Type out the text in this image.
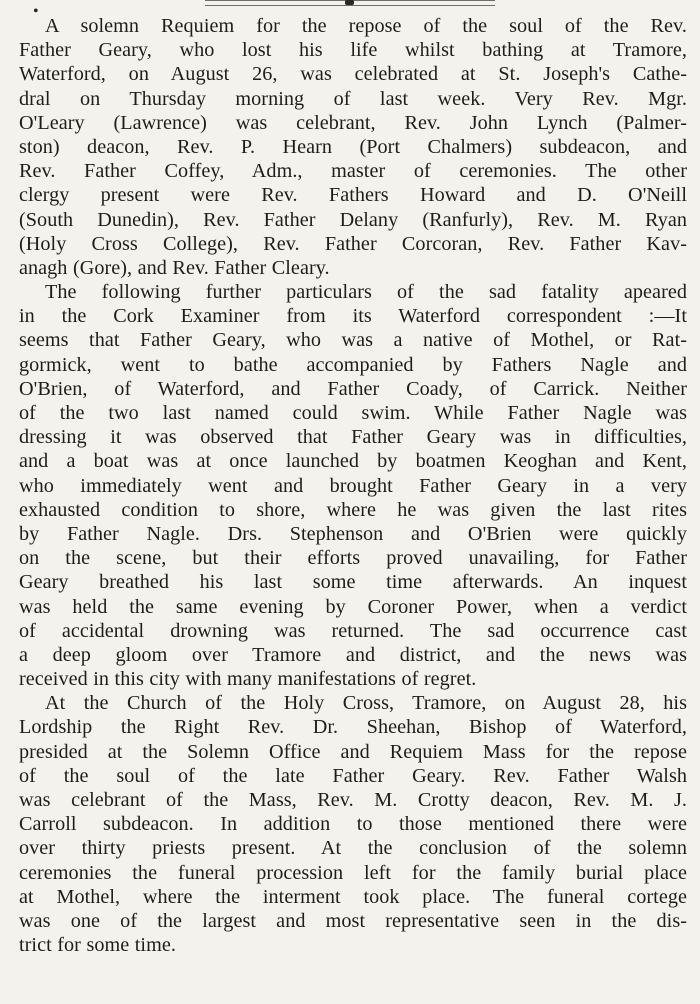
•
A solemn Requiem for the repose of the soul of the Rev.
Father Geary, who lost his life whilst bathing at Tramore,
Waterford, on August 26, was celebrated at St. Joseph's Cathe-
dral on Thursday morning of last week. Very Rev. Mgr.
O'Leary (Lawrence) was celebrant, Rev. John Lynch (Palmer-
ston) deacon, Rev. P. Hearn (Port Chalmers) subdeacon, and
Rev. Father Coffey, Adm., master of ceremonies. The other
clergy present were Rev. Fathers Howard and D. O'Neill
(South Dunedin), Rev. Father Delany (Ranfurly), Rev. M. Ryan
(Holy Cross College), Rev. Father Corcoran, Rev. Father Kav-
anagh (Gore), and Rev. Father Cleary.
The following further particulars of the sad fatality apeared
in the Cork Examiner from its Waterford correspondent :—It
seems that Father Geary, who was a native of Mothel, or Rat-
gormick, went to bathe accompanied by Fathers Nagle and
O'Brien, of Waterford, and Father Coady, of Carrick. Neither
of the two last named could swim. While Father Nagle was
dressing it was observed that Father Geary was in difficulties,
and a boat was at once launched by boatmen Keoghan and Kent,
who immediately went and brought Father Geary in a very
exhausted condition to shore, where he was given the last rites
by Father Nagle. Drs. Stephenson and O'Brien were quickly
on the scene, but their efforts proved unavailing, for Father
Geary breathed his last some time afterwards. An inquest
was held the same evening by Coroner Power, when a verdict
of accidental drowning was returned. The sad occurrence cast
a deep gloom over Tramore and district, and the news was
received in this city with many manifestations of regret.
At the Church of the Holy Cross, Tramore, on August 28, his
Lordship the Right Rev. Dr. Sheehan, Bishop of Waterford,
presided at the Solemn Office and Requiem Mass for the repose
of the soul of the late Father Geary. Rev. Father Walsh
was celebrant of the Mass, Rev. M. Crotty deacon, Rev. M. J.
Carroll subdeacon. In addition to those mentioned there were
over thirty priests present. At the conclusion of the solemn
ceremonies the funeral procession left for the family burial place
at Mothel, where the interment took place. The funeral cortege
was one of the largest and most representative seen in the dis-
trict for some time.
